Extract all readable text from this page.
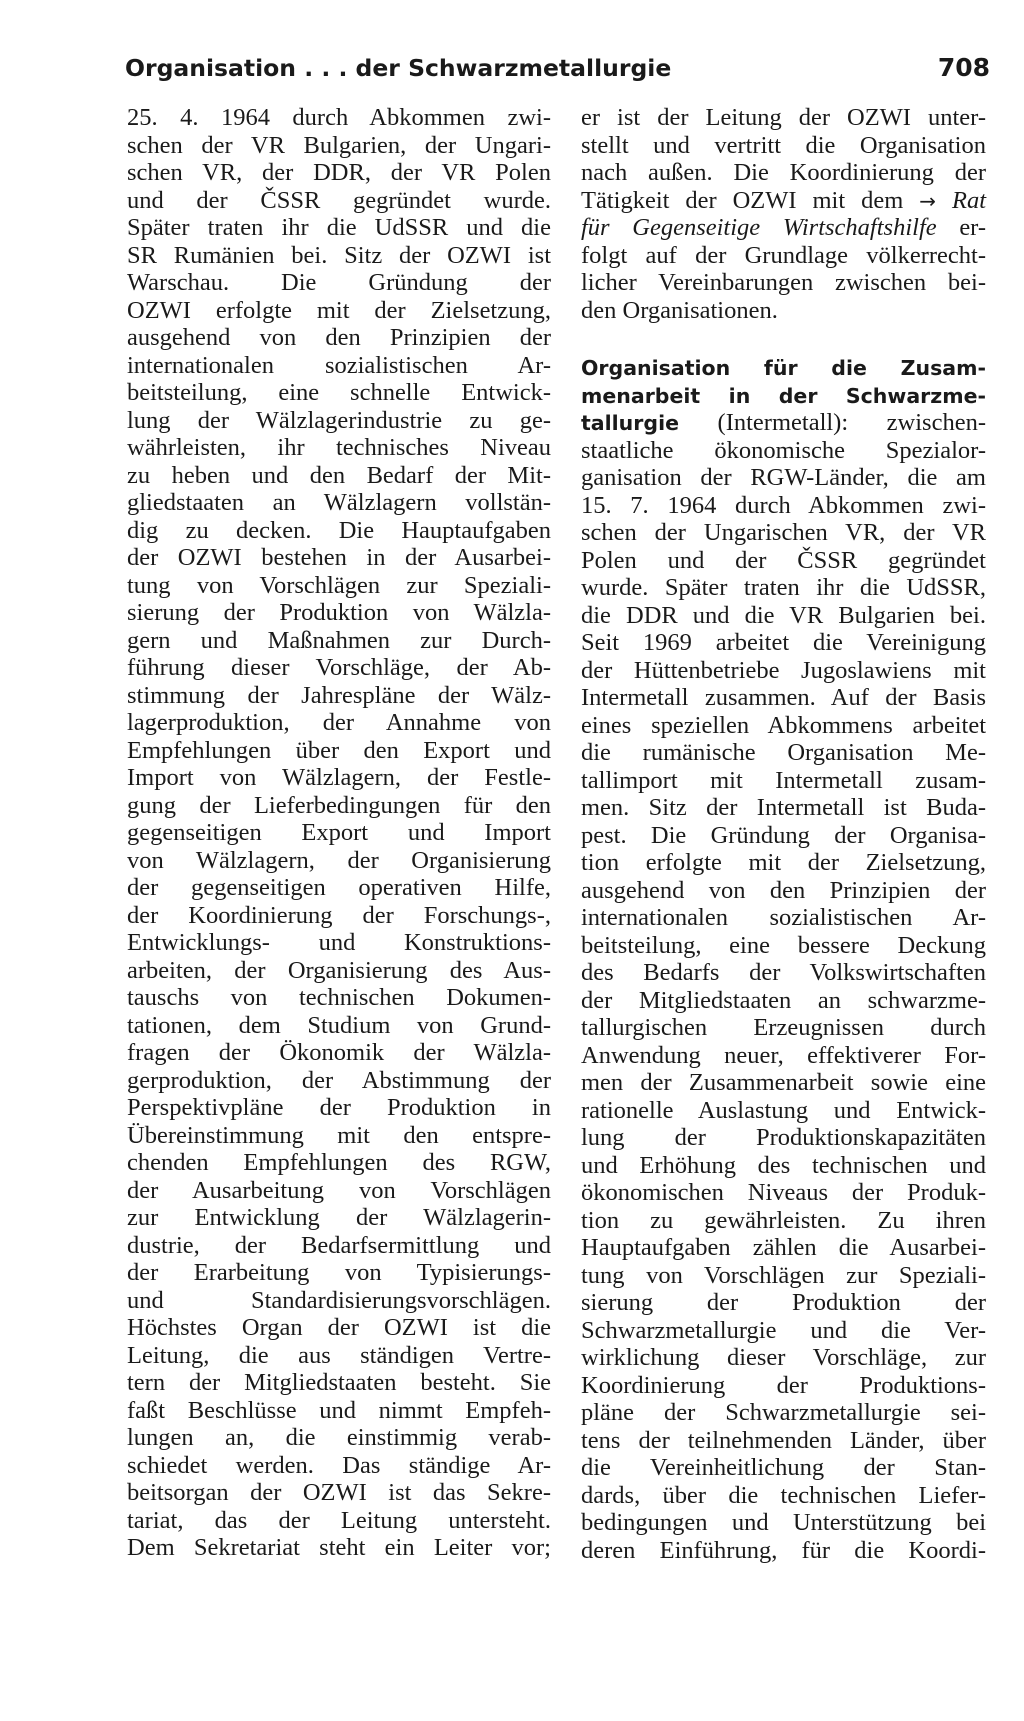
Organisation . . . der Schwarzmetallurgie	708
25. 4. 1964 durch Abkommen zwi-
schen der VR Bulgarien, der Ungari-
schen VR, der DDR, der VR Polen
und der ČSSR gegründet wurde.
Später traten ihr die UdSSR und die
SR Rumänien bei. Sitz der OZWI ist
Warschau. Die Gründung der
OZWI erfolgte mit der Zielsetzung,
ausgehend von den Prinzipien der
internationalen sozialistischen Ar-
beitsteilung, eine schnelle Entwick-
lung der Wälzlagerindustrie zu ge-
währleisten, ihr technisches Niveau
zu heben und den Bedarf der Mit-
gliedstaaten an Wälzlagern vollstän-
dig zu decken. Die Hauptaufgaben
der OZWI bestehen in der Ausarbei-
tung von Vorschlägen zur Speziali-
sierung der Produktion von Wälzla-
gern und Maßnahmen zur Durch-
führung dieser Vorschläge, der Ab-
stimmung der Jahrespläne der Wälz-
lagerproduktion, der Annahme von
Empfehlungen über den Export und
Import von Wälzlagern, der Festle-
gung der Lieferbedingungen für den
gegenseitigen Export und Import
von Wälzlagern, der Organisierung
der gegenseitigen operativen Hilfe,
der Koordinierung der Forschungs-,
Entwicklungs- und Konstruktions-
arbeiten, der Organisierung des Aus-
tauschs von technischen Dokumen-
tationen, dem Studium von Grund-
fragen der Ökonomik der Wälzla-
gerproduktion, der Abstimmung der
Perspektivpläne der Produktion in
Übereinstimmung mit den entspre-
chenden Empfehlungen des RGW,
der Ausarbeitung von Vorschlägen
zur Entwicklung der Wälzlagerin-
dustrie, der Bedarfsermittlung und
der Erarbeitung von Typisierungs-
und Standardisierungsvorschlägen.
Höchstes Organ der OZWI ist die
Leitung, die aus ständigen Vertre-
tern der Mitgliedstaaten besteht. Sie
faßt Beschlüsse und nimmt Empfeh-
lungen an, die einstimmig verab-
schiedet werden. Das ständige Ar-
beitsorgan der OZWI ist das Sekre-
tariat, das der Leitung untersteht.
Dem Sekretariat steht ein Leiter vor;
er ist der Leitung der OZWI unter-
stellt und vertritt die Organisation
nach außen. Die Koordinierung der
Tätigkeit der OZWI mit dem → Rat
für Gegenseitige Wirtschaftshilfe er-
folgt auf der Grundlage völkerrecht-
licher Vereinbarungen zwischen bei-
den Organisationen.
Organisation für die Zusam-
menarbeit in der Schwarzme-
tallurgie (Intermetall): zwischen-
staatliche ökonomische Spezialor-
ganisation der RGW-Länder, die am
15. 7. 1964 durch Abkommen zwi-
schen der Ungarischen VR, der VR
Polen und der ČSSR gegründet
wurde. Später traten ihr die UdSSR,
die DDR und die VR Bulgarien bei.
Seit 1969 arbeitet die Vereinigung
der Hüttenbetriebe Jugoslawiens mit
Intermetall zusammen. Auf der Basis
eines speziellen Abkommens arbeitet
die rumänische Organisation Me-
tallimport mit Intermetall zusam-
men. Sitz der Intermetall ist Buda-
pest. Die Gründung der Organisa-
tion erfolgte mit der Zielsetzung,
ausgehend von den Prinzipien der
internationalen sozialistischen Ar-
beitsteilung, eine bessere Deckung
des Bedarfs der Volkswirtschaften
der Mitgliedstaaten an schwarzme-
tallurgischen Erzeugnissen durch
Anwendung neuer, effektiverer For-
men der Zusammenarbeit sowie eine
rationelle Auslastung und Entwick-
lung der Produktionskapazitäten
und Erhöhung des technischen und
ökonomischen Niveaus der Produk-
tion zu gewährleisten. Zu ihren
Hauptaufgaben zählen die Ausarbei-
tung von Vorschlägen zur Speziali-
sierung der Produktion der
Schwarzmetallurgie und die Ver-
wirklichung dieser Vorschläge, zur
Koordinierung der Produktions-
pläne der Schwarzmetallurgie sei-
tens der teilnehmenden Länder, über
die Vereinheitlichung der Stan-
dards, über die technischen Liefer-
bedingungen und Unterstützung bei
deren Einführung, für die Koordi-
